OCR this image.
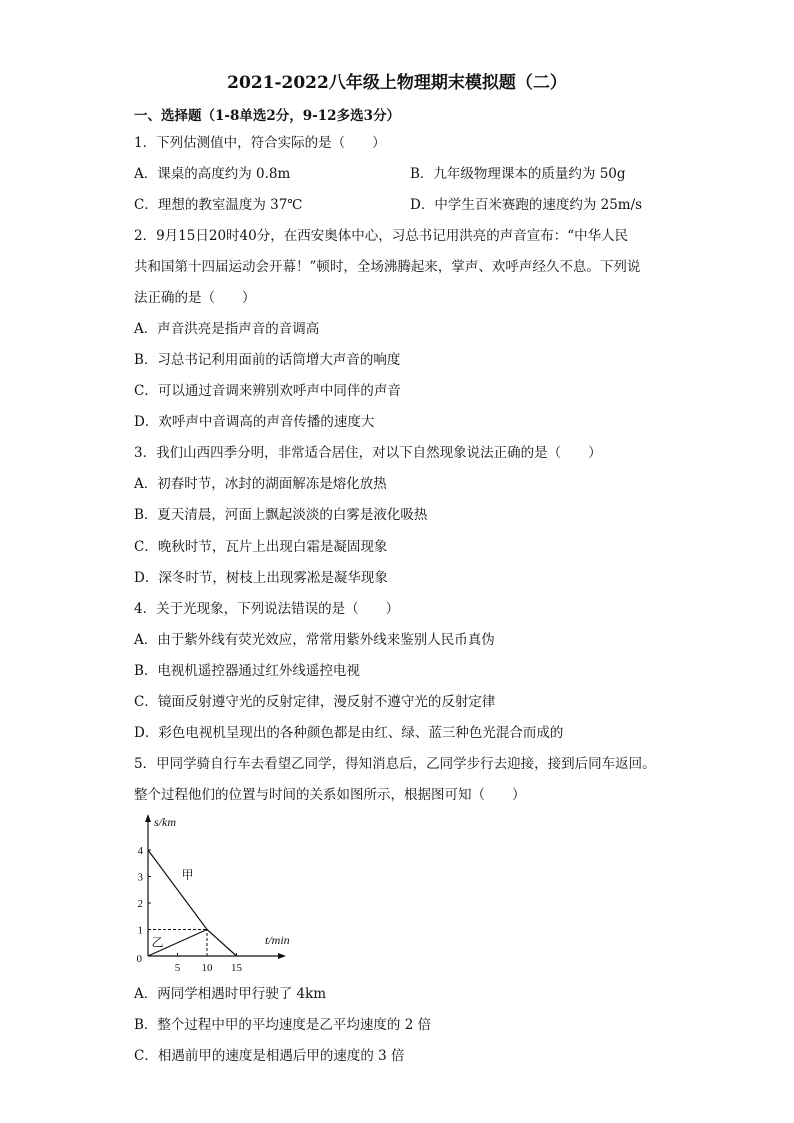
2021-2022八年级上物理期末模拟题（二）
一、选择题（1-8单选2分，9-12多选3分）
1．下列估测值中，符合实际的是（　　）
A．课桌的高度约为 0.8m	B．九年级物理课本的质量约为 50g
C．理想的教室温度为 37℃	D．中学生百米赛跑的速度约为 25m/s
2．9月15日20时40分，在西安奥体中心，习总书记用洪亮的声音宣布：“中华人民
共和国第十四届运动会开幕！”顿时，全场沸腾起来，掌声、欢呼声经久不息。下列说
法正确的是（　　）
A．声音洪亮是指声音的音调高
B．习总书记利用面前的话筒增大声音的响度
C．可以通过音调来辨别欢呼声中同伴的声音
D．欢呼声中音调高的声音传播的速度大
3．我们山西四季分明，非常适合居住，对以下自然现象说法正确的是（　　）
A．初春时节，冰封的湖面解冻是熔化放热
B．夏天清晨，河面上飘起淡淡的白雾是液化吸热
C．晚秋时节，瓦片上出现白霜是凝固现象
D．深冬时节，树枝上出现雾凇是凝华现象
4．关于光现象，下列说法错误的是（　　）
A．由于紫外线有荧光效应，常常用紫外线来鉴别人民币真伪
B．电视机遥控器通过红外线遥控电视
C．镜面反射遵守光的反射定律，漫反射不遵守光的反射定律
D．彩色电视机呈现出的各种颜色都是由红、绿、蓝三种色光混合而成的
5．甲同学骑自行车去看望乙同学，得知消息后，乙同学步行去迎接，接到后同车返回。
整个过程他们的位置与时间的关系如图所示，根据图可知（　　）
s/km
t/min
0
5 10 15
1
2
3
4
甲
乙
A．两同学相遇时甲行驶了 4km
B．整个过程中甲的平均速度是乙平均速度的 2 倍
C．相遇前甲的速度是相遇后甲的速度的 3 倍
